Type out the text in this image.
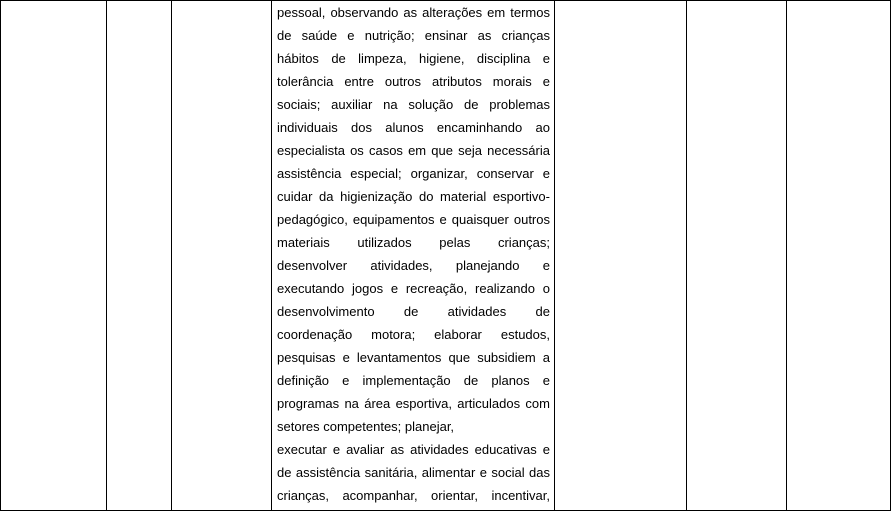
pessoal, observando as alterações em termos
de saúde e nutrição; ensinar as crianças
hábitos de limpeza, higiene, disciplina e
tolerância entre outros atributos morais e
sociais; auxiliar na solução de problemas
individuais dos alunos encaminhando ao
especialista os casos em que seja necessária
assistência especial; organizar, conservar e
cuidar da higienização do material esportivo-
pedagógico, equipamentos e quaisquer outros
materiais utilizados pelas crianças;
desenvolver atividades, planejando e
executando jogos e recreação, realizando o
desenvolvimento de atividades de
coordenação motora; elaborar estudos,
pesquisas e levantamentos que subsidiem a
definição e implementação de planos e
programas na área esportiva, articulados com
setores competentes; planejar,
executar e avaliar as atividades educativas e
de assistência sanitária, alimentar e social das
crianças, acompanhar, orientar, incentivar,
